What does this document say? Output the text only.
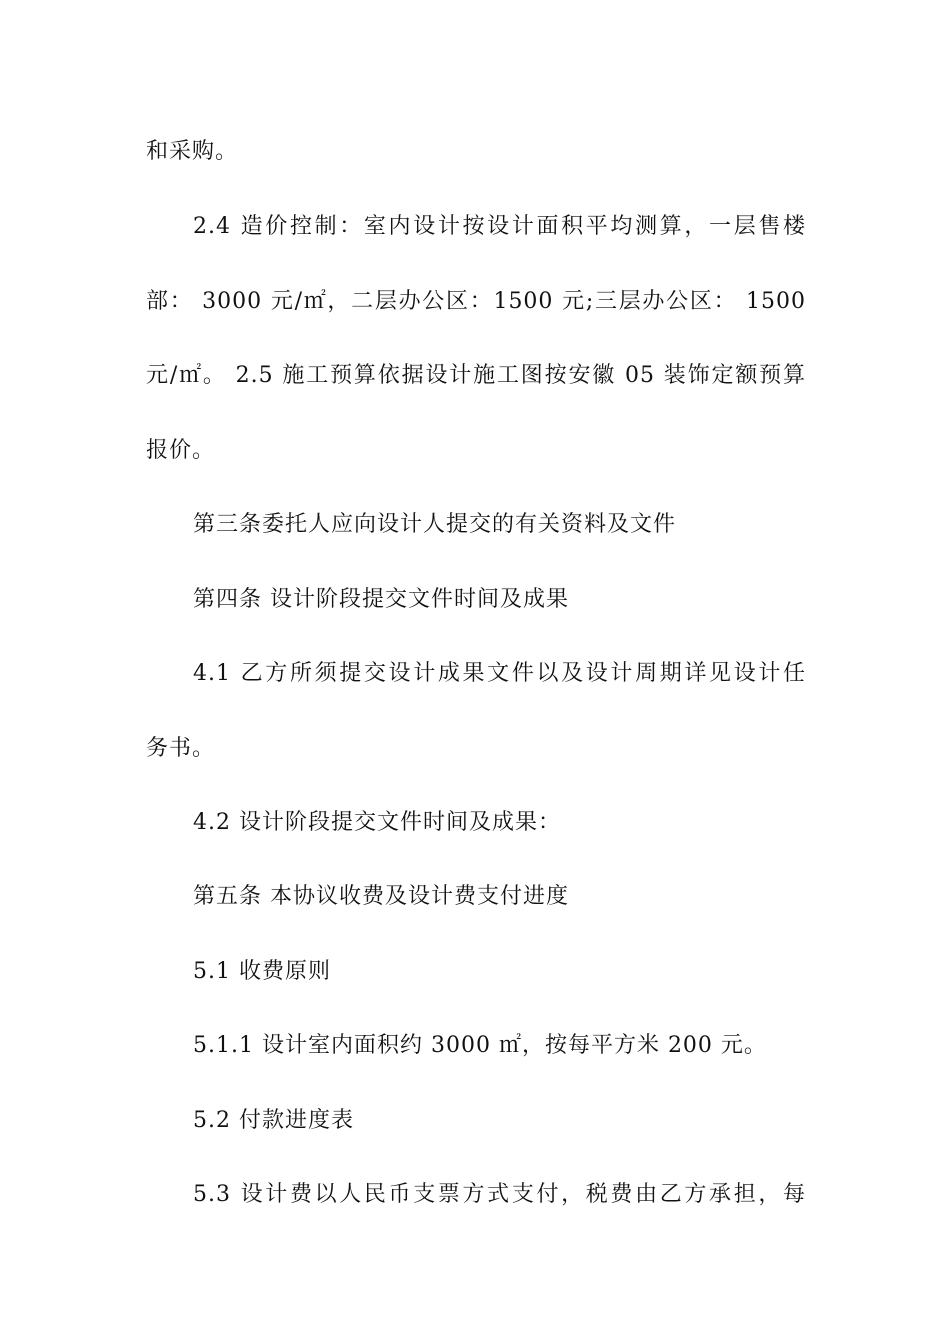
和采购。
2.4 造价控制：室内设计按设计面积平均测算，一层售楼
部： 3000 元/㎡，二层办公区：1500 元;三层办公区： 1500
元/㎡。 2.5 施工预算依据设计施工图按安徽 05 装饰定额预算
报价。
第三条委托人应向设计人提交的有关资料及文件
第四条 设计阶段提交文件时间及成果
4.1 乙方所须提交设计成果文件以及设计周期详见设计任
务书。
4.2 设计阶段提交文件时间及成果：
第五条 本协议收费及设计费支付进度
5.1 收费原则
5.1.1 设计室内面积约 3000 ㎡，按每平方米 200 元。
5.2 付款进度表
5.3 设计费以人民币支票方式支付，税费由乙方承担，每
